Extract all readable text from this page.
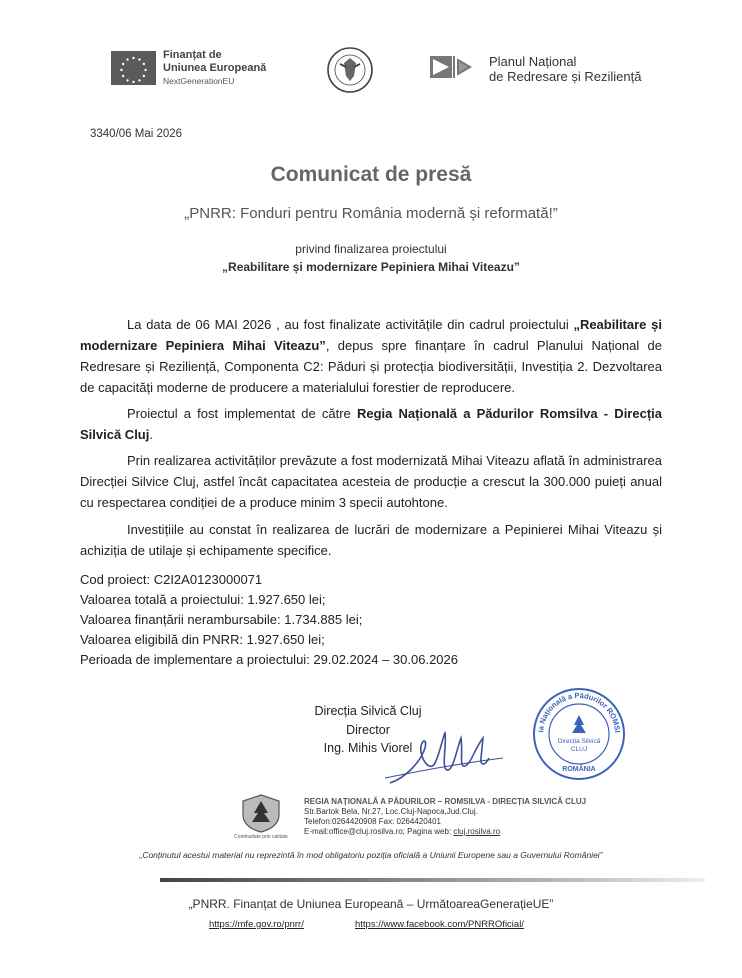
Finanțat de
Uniunea Europeană
NextGenerationEU
Planul Național
de Redresare și Reziliență
3340/06 Mai 2026
Comunicat de presă
„PNRR: Fonduri pentru România modernă și reformată!”
privind finalizarea proiectului
„Reabilitare și modernizare Pepiniera Mihai Viteazu”
La data de 06 MAI 2026 , au fost finalizate activitățile din cadrul proiectului „Reabilitare și modernizare Pepiniera Mihai Viteazu”, depus spre finanțare în cadrul Planului Național de Redresare și Reziliență, Componenta C2: Păduri și protecția biodiversității, Investiția 2. Dezvoltarea de capacități moderne de producere a materialului forestier de reproducere.
Proiectul a fost implementat de către Regia Națională a Pădurilor Romsilva - Direcția Silvică Cluj.
Prin realizarea activităților prevăzute a fost modernizată Mihai Viteazu aflată în administrarea Direcției Silvice Cluj, astfel încât capacitatea acesteia de producție a crescut la 300.000 puieți anual cu respectarea condiției de a produce minim 3 specii autohtone.
Investițiile au constat în realizarea de lucrări de modernizare a Pepinierei Mihai Viteazu și achiziția de utilaje și echipamente specifice.
Cod proiect: C2I2A0123000071
Valoarea totală a proiectului: 1.927.650 lei;
Valoarea finanțării nerambursabile: 1.734.885 lei;
Valoarea eligibilă din PNRR: 1.927.650 lei;
Perioada de implementare a proiectului: 29.02.2024 – 30.06.2026
Direcția Silvică Cluj
Director
Ing. Mihis Viorel
ia Națională a Pădurilor ROMSI
Direcția Silvică
CLUJ
ROMÂNIA
Continuitate prin calitate
REGIA NAȚIONALĂ A PĂDURILOR – ROMSILVA - DIRECȚIA SILVICĂ CLUJ
Str.Bartok Bela, Nr.27, Loc.Cluj-Napoca,Jud.Cluj.
Telefon:0264420908 Fax: 0264420401
E-mail:office@cluj.rosilva.ro; Pagina web: cluj.rosilva.ro
„Conținutul acestui material nu reprezintă în mod obligatoriu poziția oficială a Uniunii Europene sau a Guvernului României”
„PNRR. Finanțat de Uniunea Europeană – UrmătoareaGenerațieUE”
https://mfe.gov.ro/pnrr/	https://www.facebook.com/PNRROficial/
